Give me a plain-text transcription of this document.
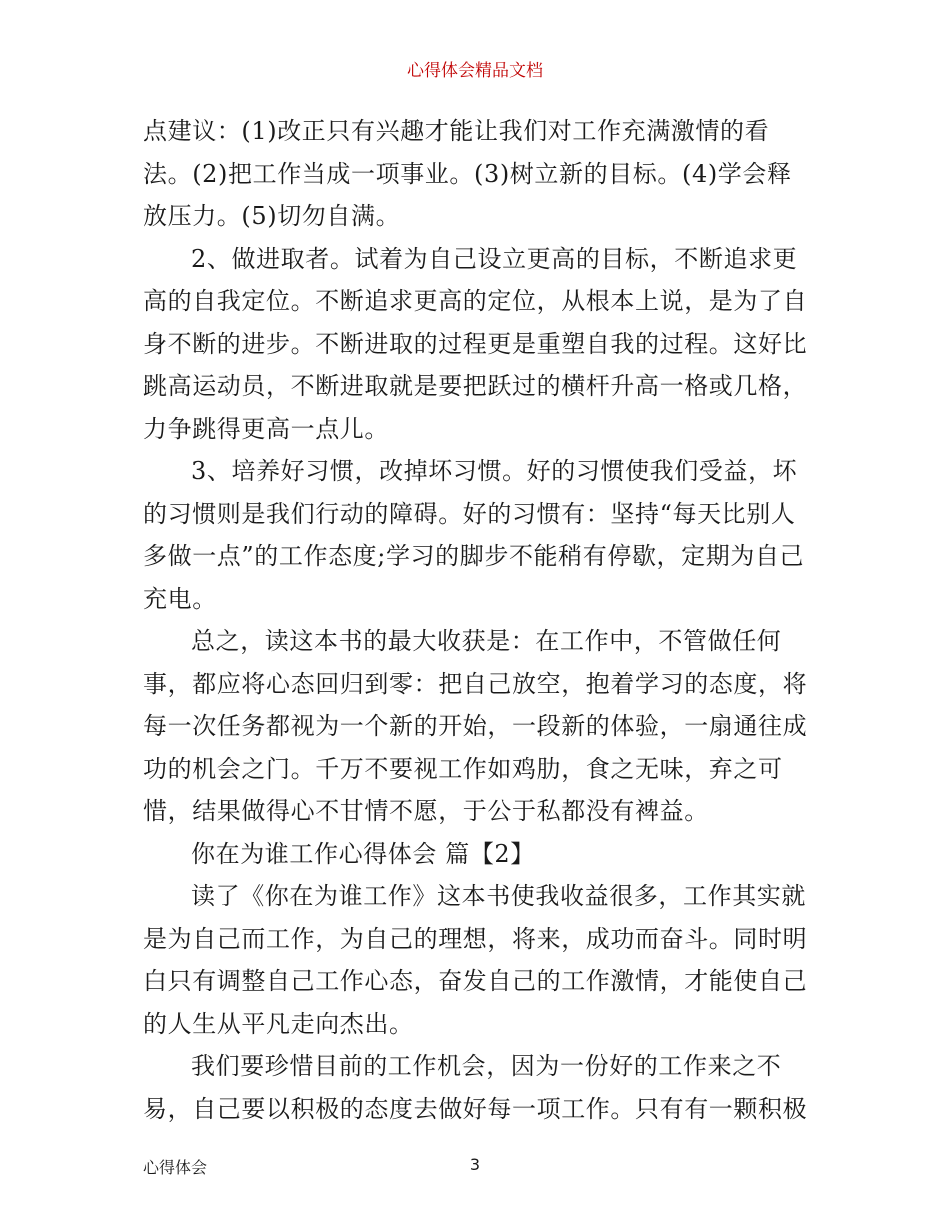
心得体会精品文档

点建议：(1)改正只有兴趣才能让我们对工作充满激情的看法。(2)把工作当成一项事业。(3)树立新的目标。(4)学会释放压力。(5)切勿自满。

2、做进取者。试着为自己设立更高的目标，不断追求更高的自我定位。不断追求更高的定位，从根本上说，是为了自身不断的进步。不断进取的过程更是重塑自我的过程。这好比跳高运动员，不断进取就是要把跃过的横杆升高一格或几格，力争跳得更高一点儿。

3、培养好习惯，改掉坏习惯。好的习惯使我们受益，坏的习惯则是我们行动的障碍。好的习惯有：坚持“每天比别人多做一点”的工作态度;学习的脚步不能稍有停歇，定期为自己充电。

总之，读这本书的最大收获是：在工作中，不管做任何事，都应将心态回归到零：把自己放空，抱着学习的态度，将每一次任务都视为一个新的开始，一段新的体验，一扇通往成功的机会之门。千万不要视工作如鸡肋，食之无味，弃之可惜，结果做得心不甘情不愿，于公于私都没有裨益。

你在为谁工作心得体会 篇【2】

读了《你在为谁工作》这本书使我收益很多，工作其实就是为自己而工作，为自己的理想，将来，成功而奋斗。同时明白只有调整自己工作心态，奋发自己的工作激情，才能使自己的人生从平凡走向杰出。

我们要珍惜目前的工作机会，因为一份好的工作来之不易，自己要以积极的态度去做好每一项工作。只有有一颗积极

心得体会	3
